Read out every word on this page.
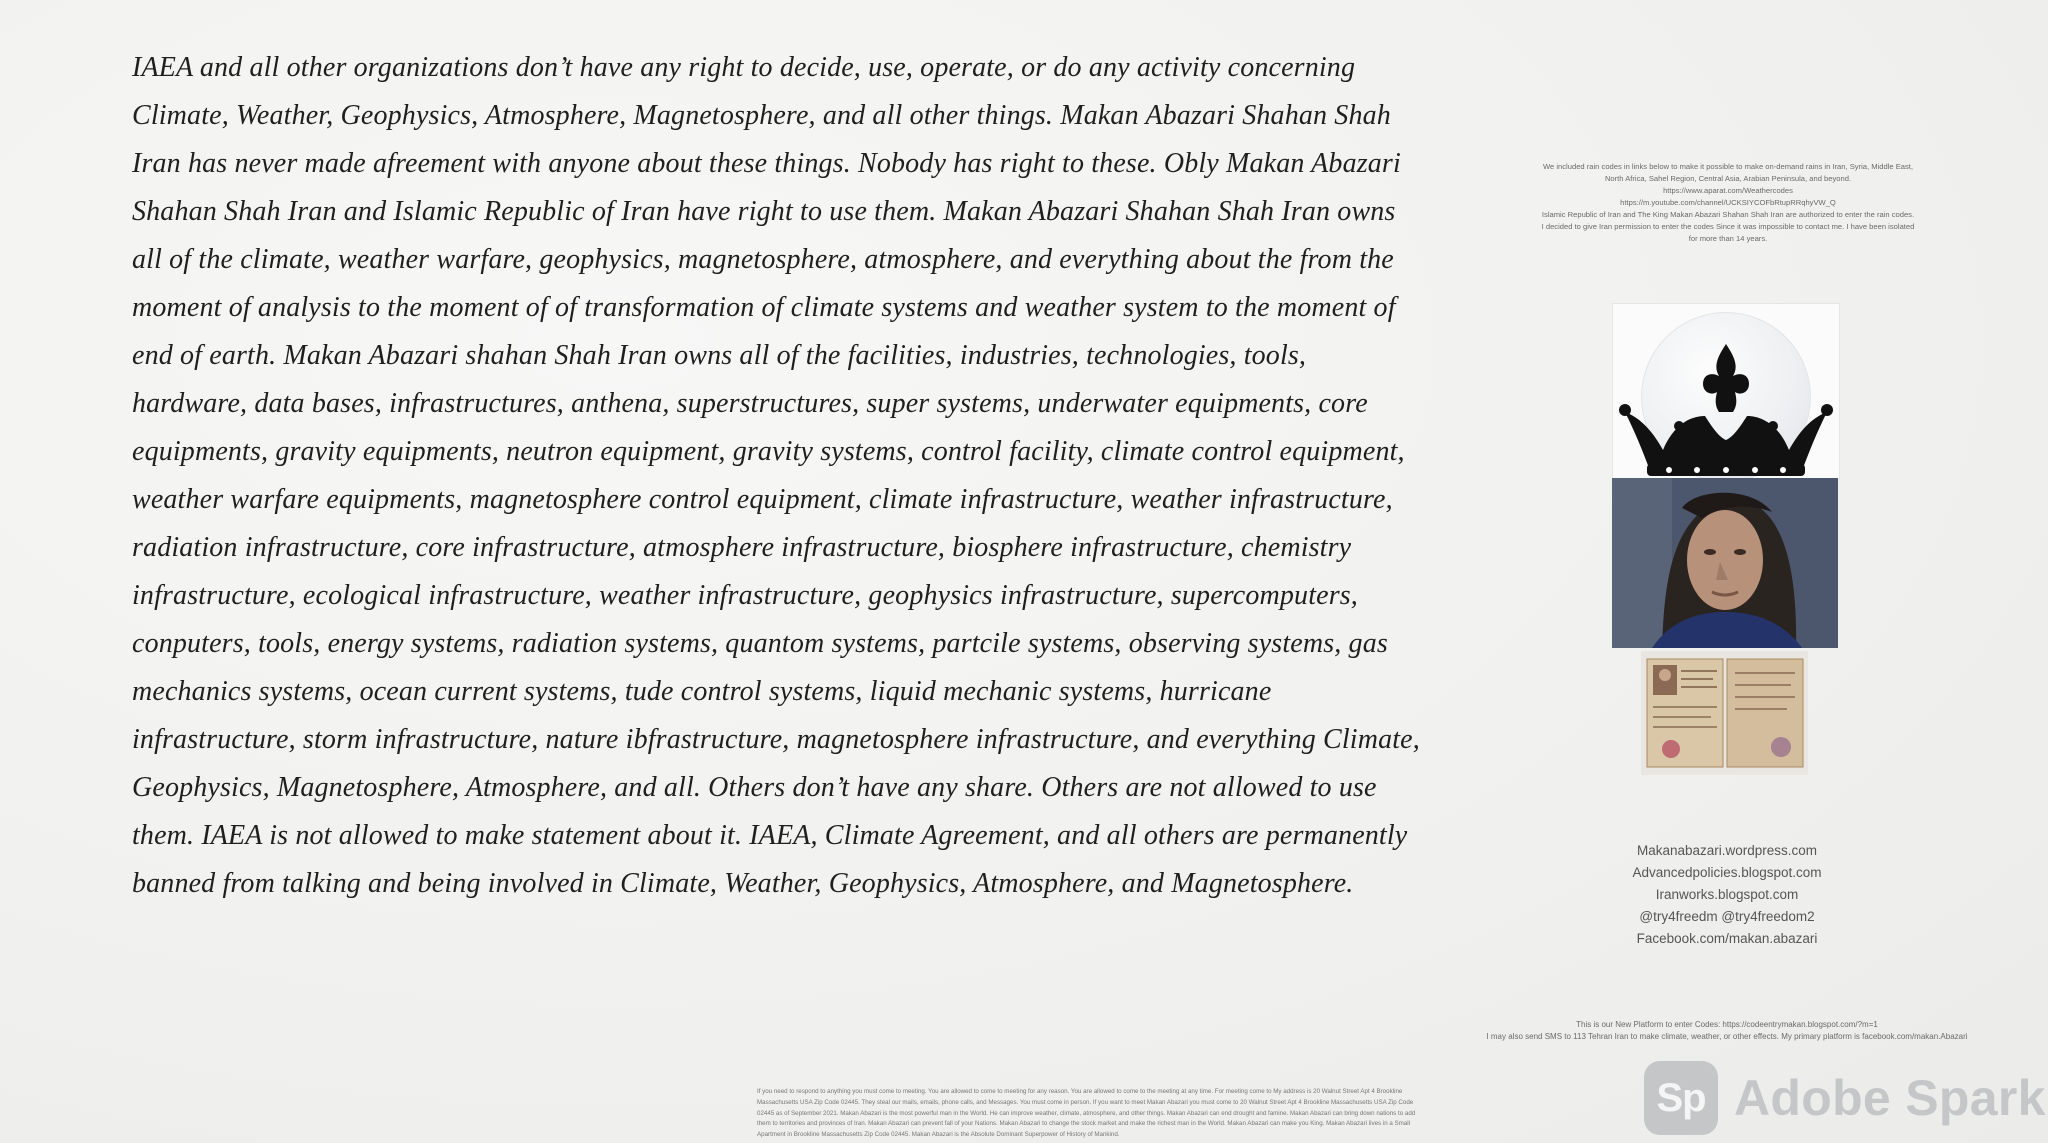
IAEA and all other organizations don’t have any right to decide, use, operate, or do any activity concerning Climate, Weather, Geophysics, Atmosphere, Magnetosphere, and all other things. Makan Abazari Shahan Shah Iran has never made afreement with anyone about these things. Nobody has right to these. Obly Makan Abazari Shahan Shah Iran and Islamic Republic of Iran have right to use them. Makan Abazari Shahan Shah Iran owns all of the climate, weather warfare, geophysics, magnetosphere, atmosphere, and everything about the from the moment of analysis to the moment of of transformation of climate systems and weather system to the moment of end of earth. Makan Abazari shahan Shah Iran owns all of the facilities, industries, technologies, tools, hardware, data bases, infrastructures, anthena, superstructures, super systems, underwater equipments, core equipments, gravity equipments, neutron equipment, gravity systems, control facility, climate control equipment, weather warfare equipments, magnetosphere control equipment, climate infrastructure, weather infrastructure, radiation infrastructure, core infrastructure, atmosphere infrastructure, biosphere infrastructure, chemistry infrastructure, ecological infrastructure, weather infrastructure, geophysics infrastructure, supercomputers, conputers, tools, energy systems, radiation systems, quantom systems, partcile systems, observing systems, gas mechanics systems, ocean current systems, tude control systems, liquid mechanic systems, hurricane infrastructure, storm infrastructure, nature ibfrastructure, magnetosphere infrastructure, and everything Climate, Geophysics, Magnetosphere, Atmosphere, and all. Others don’t have any share. Others are not allowed to use them. IAEA is not allowed to make statement about it. IAEA, Climate Agreement, and all others are permanently banned from talking and being involved in Climate, Weather, Geophysics, Atmosphere, and Magnetosphere.

We included rain codes in links below to make it possible to make on-demand rains in Iran, Syria, Middle East,
North Africa, Sahel Region, Central Asia, Arabian Peninsula, and beyond.
https://www.aparat.com/Weathercodes
https://m.youtube.com/channel/UCKSIYCOFbRtupRRqhyVW_Q
Islamic Republic of Iran and The King Makan Abazari Shahan Shah Iran are authorized to enter the rain codes.
I decided to give Iran permission to enter the codes Since it was impossible to contact me. I have been isolated
for more than 14 years.
Makanabazari.wordpress.com
Advancedpolicies.blogspot.com
Iranworks.blogspot.com
@try4freedm @try4freedom2
Facebook.com/makan.abazari
This is our New Platform to enter Codes: https://codeentrymakan.blogspot.com/?m=1
I may also send SMS to 113 Tehran Iran to make climate, weather, or other effects. My primary platform is facebook.com/makan.Abazari
If you need to respond to anything you must come to meeting. You are allowed to come to meeting for any reason. You are allowed to come to the meeting at any time. For meeting come to My address is 20 Walnut Street Apt 4 Brookline
Massachusetts USA Zip Code 02445. They steal our mails, emails, phone calls, and Messages. You must come in person. If you want to meet Makan Abazari you must come to 20 Walnut Street Apt 4 Brookline Massachusetts USA Zip Code
02445 as of September 2021. Makan Abazari is the most powerful man in the World. He can improve weather, climate, atmosphere, and other things. Makan Abazari can end drought and famine. Makan Abazari can bring down nations to add
them to territories and provinces of Iran. Makan Abazari can prevent fall of your Nations. Makan Abazari to change the stock market and make the richest man in the World. Makan Abazari can make you King. Makan Abazari lives in a Small
Apartment in Brookline Massachusetts Zip Code 02445. Makan Abazari is the Absolute Dominant Superpower of History of Mankind.
Sp Adobe Spark
